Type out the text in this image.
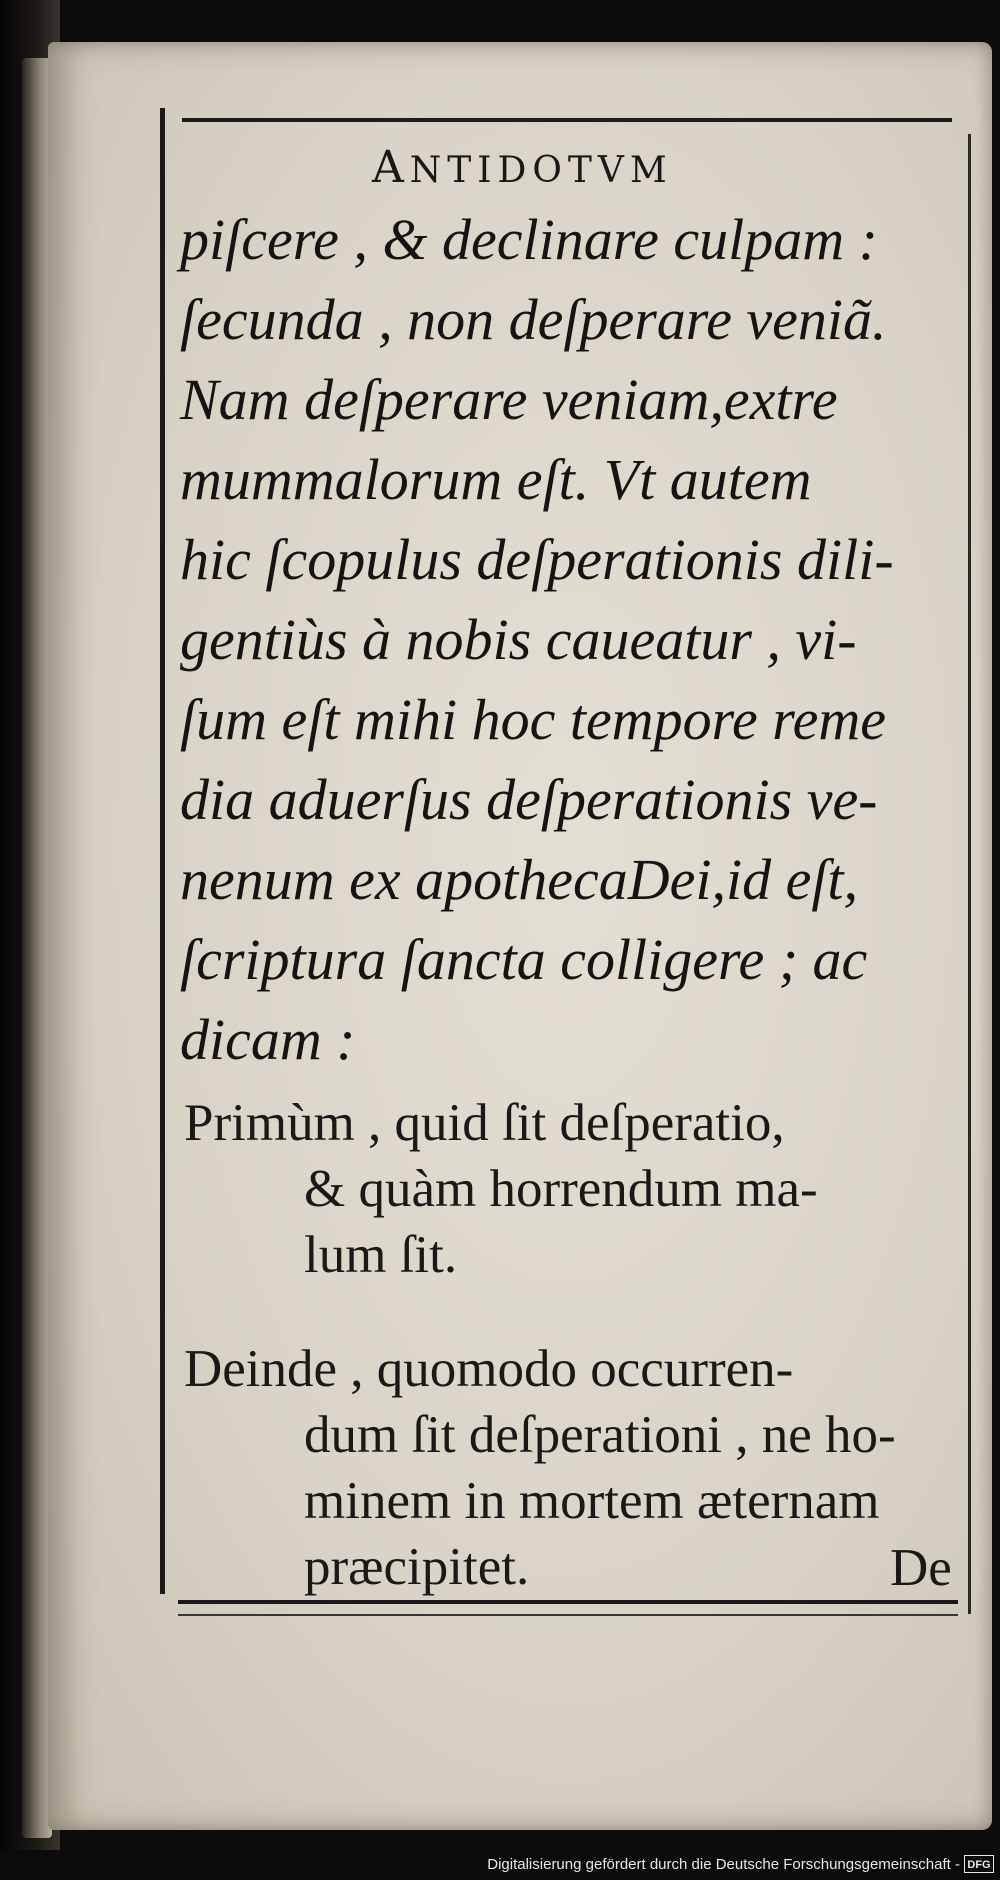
ANTIDOTVM
piſcere , & declinare culpam :
ſecunda , non deſperare veniã.
Nam deſperare veniam,extre
mummalorum eſt. Vt autem
hic ſcopulus deſperationis dili-
gentiùs à nobis caueatur , vi-
ſum eſt mihi hoc tempore reme
dia aduerſus deſperationis ve-
nenum ex apothecaDei,id eſt,
ſcriptura ſancta colligere ; ac
dicam :
Primùm , quid ſit deſperatio,
& quàm horrendum ma-
lum ſit.
Deinde , quomodo occurren-
dum ſit deſperationi , ne ho-
minem in mortem æternam
præcipitet.	De
Digitalisierung gefördert durch die Deutsche Forschungsgemeinschaft - DFG
